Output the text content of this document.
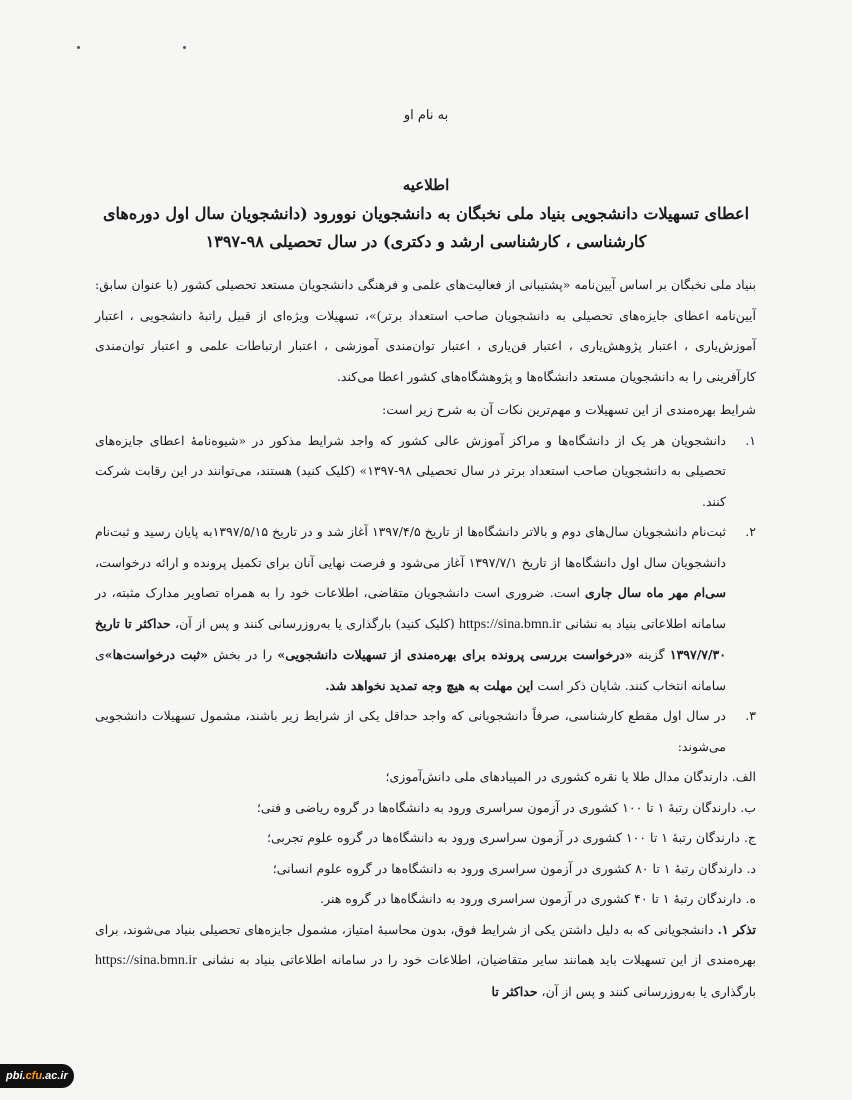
به نام او

اطلاعیه

اعطای تسهیلات دانشجویی بنیاد ملی نخبگان به دانشجویان نوورود (دانشجویان سال اول دوره‌های

کارشناسی ، کارشناسی ارشد و دکتری) در سال تحصیلی ۹۸-۱۳۹۷

بنیاد ملی نخبگان بر اساس آیین‌نامه «پشتیبانی از فعالیت‌های علمی و فرهنگی دانشجویان مستعد تحصیلی کشور (با عنوان سابق: آیین‌نامه اعطای جایزه‌های تحصیلی به دانشجویان صاحب استعداد برتر)»، تسهیلات ویژه‌ای از قبیل راتبهٔ دانشجویی ، اعتبار آموزش‌یاری ، اعتبار پژوهش‌یاری ، اعتبار فن‌یاری ، اعتبار توان‌مندی آموزشی ، اعتبار ارتباطات علمی و اعتبار توان‌مندی کارآفرینی را به دانشجویان مستعد دانشگاه‌ها و پژوهشگاه‌های کشور اعطا می‌کند.

شرایط بهره‌مندی از این تسهیلات و مهم‌ترین نکات آن به شرح زیر است:

۱.

دانشجویان هر یک از دانشگاه‌ها و مراکز آموزش عالی کشور که واجد شرایط مذکور در «شیوه‌نامهٔ اعطای جایزه‌های تحصیلی به دانشجویان صاحب استعداد برتر در سال تحصیلی ۹۸-۱۳۹۷» (کلیک کنید) هستند، می‌توانند در این رقابت شرکت کنند.

۲.

ثبت‌نام دانشجویان سال‌های دوم و بالاتر دانشگاه‌ها از تاریخ ۱۳۹۷/۴/۵ آغاز شد و در تاریخ ۱۳۹۷/۵/۱۵به پایان رسید و ثبت‌نام دانشجویان سال اول دانشگاه‌ها از تاریخ ۱۳۹۷/۷/۱ آغاز می‌شود و فرصت نهایی آنان برای تکمیل پرونده و ارائه درخواست، سی‌ام مهر ماه سال جاری است. ضروری است دانشجویان متقاضی، اطلاعات خود را به همراه تصاویر مدارک مثبته، در سامانه اطلاعاتی بنیاد به نشانی https://sina.bmn.ir (کلیک کنید) بارگذاری یا به‌روزرسانی کنند و پس از آن، حداکثر تا تاریخ ۱۳۹۷/۷/۳۰ گزینه «درخواست بررسی پرونده برای بهره‌مندی از تسهیلات دانشجویی» را در بخش «ثبت درخواست‌ها»ی سامانه انتخاب کنند. شایان ذکر است این مهلت به هیچ وجه تمدید نخواهد شد.

۳.

در سال اول مقطع کارشناسی، صرفاً دانشجویانی که واجد حداقل یکی از شرایط زیر باشند، مشمول تسهیلات دانشجویی می‌شوند:

الف. دارندگان مدال طلا یا نقره کشوری در المپیادهای ملی دانش‌آموزی؛

ب. دارندگان رتبهٔ ۱ تا ۱۰۰ کشوری در آزمون سراسری ورود به دانشگاه‌ها در گروه ریاضی و فنی؛

ج. دارندگان رتبهٔ ۱ تا ۱۰۰ کشوری در آزمون سراسری ورود به دانشگاه‌ها در گروه علوم تجربی؛

د. دارندگان رتبهٔ ۱ تا ۸۰ کشوری در آزمون سراسری ورود به دانشگاه‌ها در گروه علوم انسانی؛

ه. دارندگان رتبهٔ ۱ تا ۴۰ کشوری در آزمون سراسری ورود به دانشگاه‌ها در گروه هنر.

تذکر ۱. دانشجویانی که به دلیل داشتن یکی از شرایط فوق، بدون محاسبهٔ امتیاز، مشمول جایزه‌های تحصیلی بنیاد می‌شوند، برای بهره‌مندی از این تسهیلات باید همانند سایر متقاضیان، اطلاعات خود را در سامانه اطلاعاتی بنیاد به نشانی https://sina.bmn.ir بارگذاری یا به‌روزرسانی کنند و پس از آن، حداکثر تا

pbi.cfu.ac.ir
